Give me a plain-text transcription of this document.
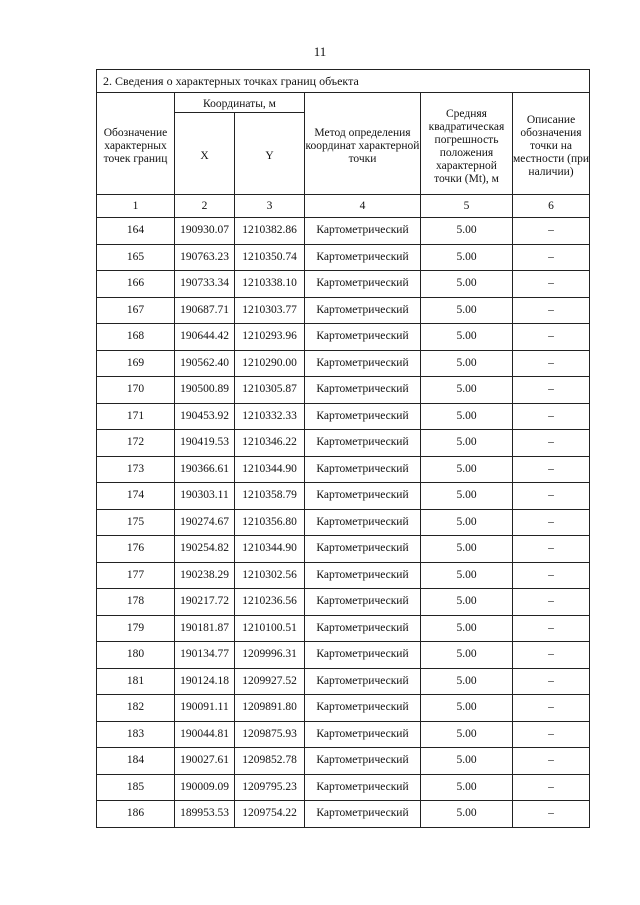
11
2. Сведения о характерных точках границ объекта					
Обозначение характерных точек границ	Координаты, м		Метод определения координат характерной точки	Средняя квадратическая погрешность положения характерной точки (Mt), м	Описание обозначения точки на местности (при наличии)
	X	Y			
1	2	3	4	5	6
164	190930.07	1210382.86	Картометрический	5.00	–
165	190763.23	1210350.74	Картометрический	5.00	–
166	190733.34	1210338.10	Картометрический	5.00	–
167	190687.71	1210303.77	Картометрический	5.00	–
168	190644.42	1210293.96	Картометрический	5.00	–
169	190562.40	1210290.00	Картометрический	5.00	–
170	190500.89	1210305.87	Картометрический	5.00	–
171	190453.92	1210332.33	Картометрический	5.00	–
172	190419.53	1210346.22	Картометрический	5.00	–
173	190366.61	1210344.90	Картометрический	5.00	–
174	190303.11	1210358.79	Картометрический	5.00	–
175	190274.67	1210356.80	Картометрический	5.00	–
176	190254.82	1210344.90	Картометрический	5.00	–
177	190238.29	1210302.56	Картометрический	5.00	–
178	190217.72	1210236.56	Картометрический	5.00	–
179	190181.87	1210100.51	Картометрический	5.00	–
180	190134.77	1209996.31	Картометрический	5.00	–
181	190124.18	1209927.52	Картометрический	5.00	–
182	190091.11	1209891.80	Картометрический	5.00	–
183	190044.81	1209875.93	Картометрический	5.00	–
184	190027.61	1209852.78	Картометрический	5.00	–
185	190009.09	1209795.23	Картометрический	5.00	–
186	189953.53	1209754.22	Картометрический	5.00	–
